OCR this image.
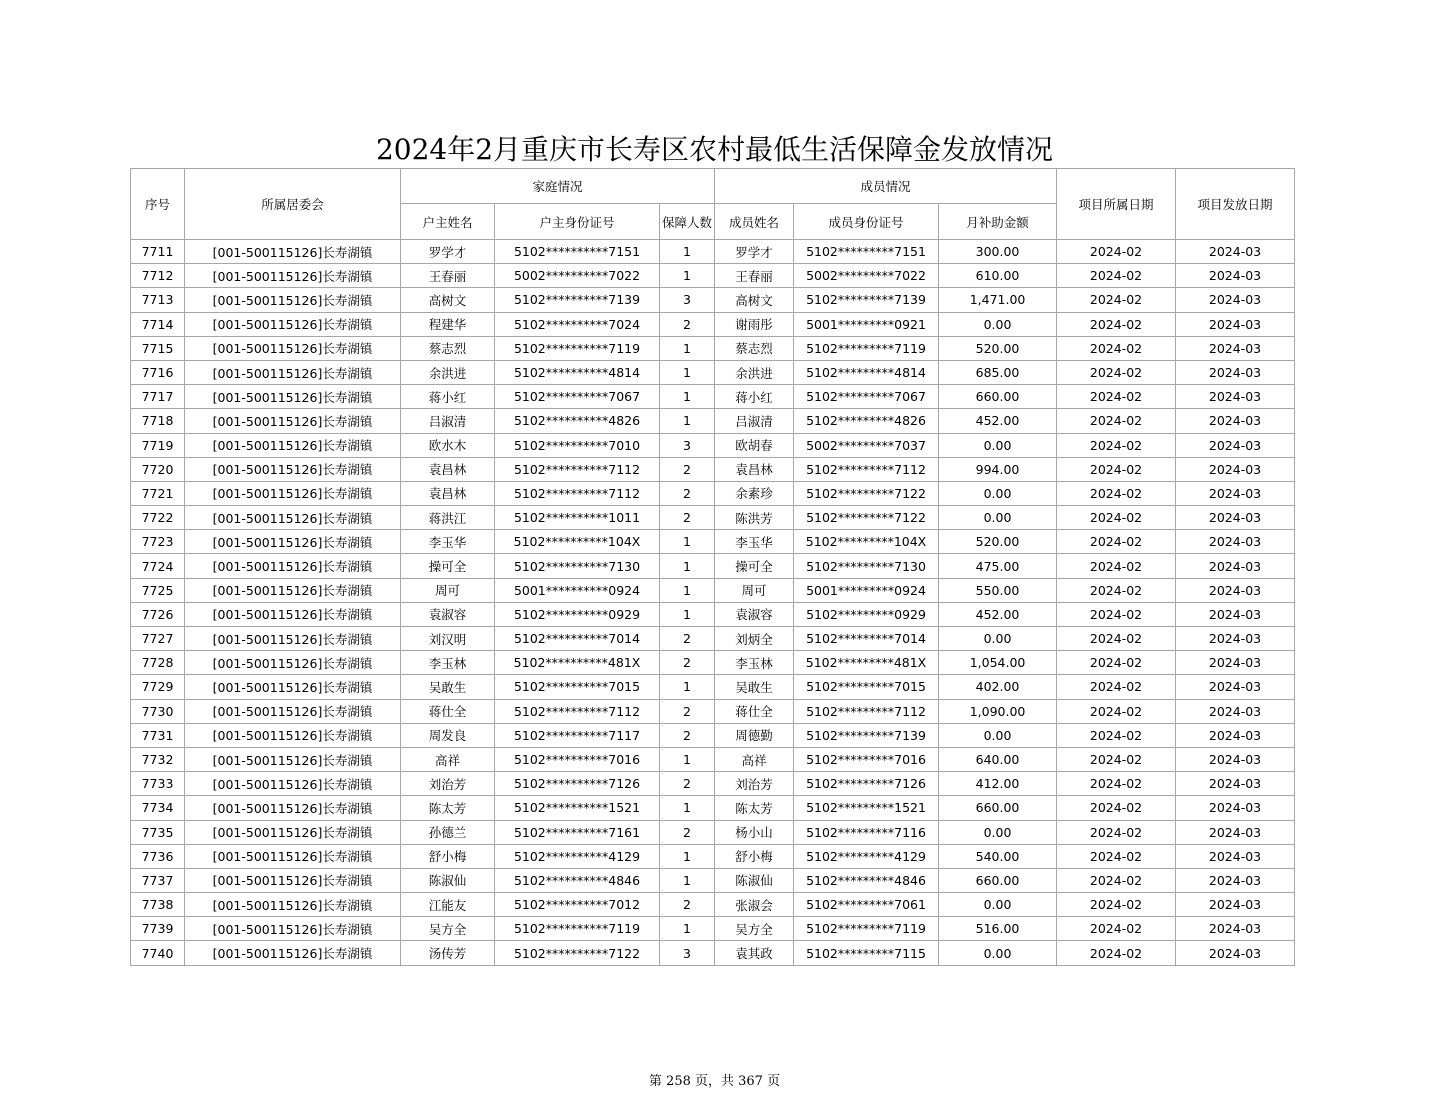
2024年2月重庆市长寿区农村最低生活保障金发放情况
序号	所属居委会	家庭情况			成员情况			项目所属日期	项目发放日期
		户主姓名	户主身份证号	保障人数	成员姓名	成员身份证号	月补助金额		
7711	[001-500115126]长寿湖镇	罗学才	5102**********7151	1	罗学才	5102*********7151	300.00	2024-02	2024-03
7712	[001-500115126]长寿湖镇	王春丽	5002**********7022	1	王春丽	5002*********7022	610.00	2024-02	2024-03
7713	[001-500115126]长寿湖镇	高树文	5102**********7139	3	高树文	5102*********7139	1,471.00	2024-02	2024-03
7714	[001-500115126]长寿湖镇	程建华	5102**********7024	2	谢雨彤	5001*********0921	0.00	2024-02	2024-03
7715	[001-500115126]长寿湖镇	蔡志烈	5102**********7119	1	蔡志烈	5102*********7119	520.00	2024-02	2024-03
7716	[001-500115126]长寿湖镇	余洪进	5102**********4814	1	余洪进	5102*********4814	685.00	2024-02	2024-03
7717	[001-500115126]长寿湖镇	蒋小红	5102**********7067	1	蒋小红	5102*********7067	660.00	2024-02	2024-03
7718	[001-500115126]长寿湖镇	吕淑清	5102**********4826	1	吕淑清	5102*********4826	452.00	2024-02	2024-03
7719	[001-500115126]长寿湖镇	欧水木	5102**********7010	3	欧胡春	5002*********7037	0.00	2024-02	2024-03
7720	[001-500115126]长寿湖镇	袁昌林	5102**********7112	2	袁昌林	5102*********7112	994.00	2024-02	2024-03
7721	[001-500115126]长寿湖镇	袁昌林	5102**********7112	2	余素珍	5102*********7122	0.00	2024-02	2024-03
7722	[001-500115126]长寿湖镇	蒋洪江	5102**********1011	2	陈洪芳	5102*********7122	0.00	2024-02	2024-03
7723	[001-500115126]长寿湖镇	李玉华	5102**********104X	1	李玉华	5102*********104X	520.00	2024-02	2024-03
7724	[001-500115126]长寿湖镇	操可全	5102**********7130	1	操可全	5102*********7130	475.00	2024-02	2024-03
7725	[001-500115126]长寿湖镇	周可	5001**********0924	1	周可	5001*********0924	550.00	2024-02	2024-03
7726	[001-500115126]长寿湖镇	袁淑容	5102**********0929	1	袁淑容	5102*********0929	452.00	2024-02	2024-03
7727	[001-500115126]长寿湖镇	刘汉明	5102**********7014	2	刘炳全	5102*********7014	0.00	2024-02	2024-03
7728	[001-500115126]长寿湖镇	李玉林	5102**********481X	2	李玉林	5102*********481X	1,054.00	2024-02	2024-03
7729	[001-500115126]长寿湖镇	吴敢生	5102**********7015	1	吴敢生	5102*********7015	402.00	2024-02	2024-03
7730	[001-500115126]长寿湖镇	蒋仕全	5102**********7112	2	蒋仕全	5102*********7112	1,090.00	2024-02	2024-03
7731	[001-500115126]长寿湖镇	周发良	5102**********7117	2	周德勤	5102*********7139	0.00	2024-02	2024-03
7732	[001-500115126]长寿湖镇	高祥	5102**********7016	1	高祥	5102*********7016	640.00	2024-02	2024-03
7733	[001-500115126]长寿湖镇	刘治芳	5102**********7126	2	刘治芳	5102*********7126	412.00	2024-02	2024-03
7734	[001-500115126]长寿湖镇	陈太芳	5102**********1521	1	陈太芳	5102*********1521	660.00	2024-02	2024-03
7735	[001-500115126]长寿湖镇	孙德兰	5102**********7161	2	杨小山	5102*********7116	0.00	2024-02	2024-03
7736	[001-500115126]长寿湖镇	舒小梅	5102**********4129	1	舒小梅	5102*********4129	540.00	2024-02	2024-03
7737	[001-500115126]长寿湖镇	陈淑仙	5102**********4846	1	陈淑仙	5102*********4846	660.00	2024-02	2024-03
7738	[001-500115126]长寿湖镇	江能友	5102**********7012	2	张淑会	5102*********7061	0.00	2024-02	2024-03
7739	[001-500115126]长寿湖镇	吴方全	5102**********7119	1	吴方全	5102*********7119	516.00	2024-02	2024-03
7740	[001-500115126]长寿湖镇	汤传芳	5102**********7122	3	袁其政	5102*********7115	0.00	2024-02	2024-03
第 258 页，共 367 页
